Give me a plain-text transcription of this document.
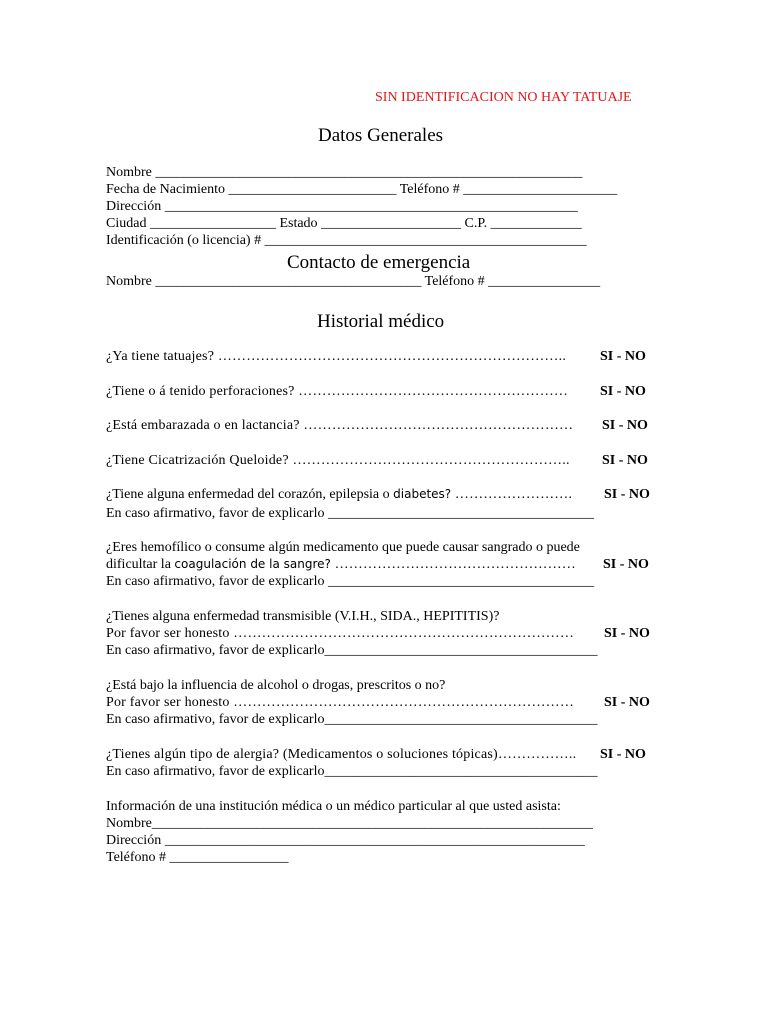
SIN IDENTIFICACION NO HAY TATUAJE
Datos Generales
Nombre _____________________________________________________________
Fecha de Nacimiento ________________________ Teléfono # ______________________
Dirección ___________________________________________________________
Ciudad __________________ Estado ____________________ C.P. _____________
Identificación (o licencia) # ______________________________________________
Contacto de emergencia
Nombre ______________________________________ Teléfono # ________________
Historial médico
¿Ya tiene tatuajes? ……………………………………………………………….. SI - NO
¿Tiene o á tenido perforaciones? ………………………………………………… SI - NO
¿Está embarazada o en lactancia? ………………………………………………… SI - NO
¿Tiene Cicatrización Queloide? ………………………………………………….. SI - NO
¿Tiene alguna enfermedad del corazón, epilepsia o diabetes? ……………………. SI - NO
En caso afirmativo, favor de explicarlo ______________________________________
¿Eres hemofílico o consume algún medicamento que puede causar sangrado o puede
dificultar la coagulación de la sangre? …………………………………………… SI - NO
En caso afirmativo, favor de explicarlo ______________________________________
¿Tienes alguna enfermedad transmisible (V.I.H., SIDA., HEPITITIS)?
Por favor ser honesto ……………………………………………………………… SI - NO
En caso afirmativo, favor de explicarlo_______________________________________
¿Está bajo la influencia de alcohol o drogas, prescritos o no?
Por favor ser honesto ……………………………………………………………… SI - NO
En caso afirmativo, favor de explicarlo_______________________________________
¿Tienes algún tipo de alergia? (Medicamentos o soluciones tópicas)…………….. SI - NO
En caso afirmativo, favor de explicarlo_______________________________________
Información de una institución médica o un médico particular al que usted asista:
Nombre_______________________________________________________________
Dirección ____________________________________________________________
Teléfono # _________________
